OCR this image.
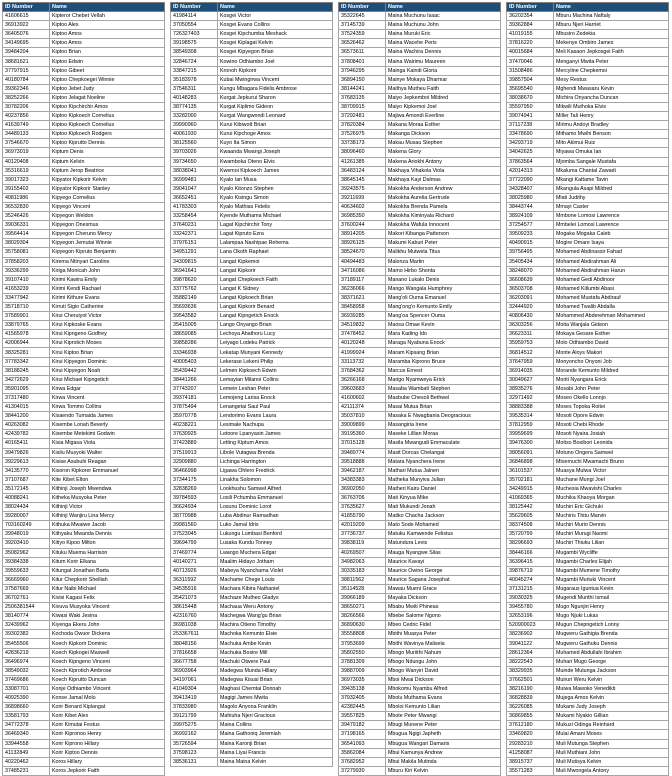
ID Number	Name
41606615	Kipteror Chebet Vellah
36913922	Kiptoo Alex
36405076	Kiptoo Amos
34149695	Kiptoo Amos
39484204	Kiptoo Brian
38681621	Kiptoo Edwin
37797915	Kiptoo Gibeet
40180784	Kiptoo Chepkoegei Winnie
39362346	Kiptoo Jebet Judy
38252266	Kiptoo Jelagat Noeline
30782206	Kiptoo Kipchirchir Amos
40237856	Kiptoo Kipkoech Cornelius
41639749	Kiptoo Kipkoech Cornelius
34489133	Kiptoo Kipkoech Rodgers
37546670	Kiptoo Kiprutto Dennis
36973019	Kiptum Denis
40120408	Kiptum Kelvin
35316619	Kiptum Jerop Beatrice
39017323	Kipyator Kipkorir Kelvin
39155402	Kipyator Kipkorir Stanley
40811986	Kipyego Cornelius
36532830	Kipyego Vincent
35246426	Kipyegon Weldon
39036331	Kipyegon Onesmus
39564414	Kipyegon Cheruno Mercy
38029304	Kipyegon Jemutai Winnie
35758081	Kipyegon Kipruto Benjamin
37858203	Kirema Ntinyari Caroline
39336299	Kiriga Monicah John
39107410	Kirimi Kawira Emily
41653239	Kirimi Kendi Rachael
33477942	Kirimi Kithure Evans
35718710	Kirruti Sigio Catherine
37589901	Kirui Cheruiyot Victor
33879765	Kirui Kipkoske Evans
41565978	Kirui Kipngeno Godfrey
42006944	Kirui Kiprotich Moses
38325281	Kirui Kiptoo Brian
37783342	Kirui Kipyegon Dominic
38188245	Kirui Kipyegon Noah
34272629	Kirui Michael Kipngetich
35901095	Kirwa Edgar
37317480	Kirwa Vincent
41304015	Kirwa Tommo Collins
38441200	Kisaendo Tumaida James
40263082	Kisembe Lonah Beverly
42439782	Kisembe Metekimi Godwin
40165411	Kisia Migasa Viola
39479826	Kisilu Musyoki Walter
39229613	Kisise Asubuhi Reagan
34135770	Kisoron Kipkorer Emmanuel
37107687	Kite Kibet Elton
35172145	Kithinji Joseph Mwendwa
40088241	Kitheka Musyoka Peter
38024434	Kithinji Victor
39280007	Kithinji Wanjiru Lina Mercy
703160249	Kithuka Mwaiwe Jacob
39948019	Kithyaku Mwanda Dennis
39203410	Kitiyo Kipoo Milton
35082962	Kituku Muema Harrison
39384338	Kitum Korir Elkana
39559633	Kitungat Jonathan Barta
36669960	Kitur Chepkorir Shelliah
37587669	Kitur Naibi Michael
36702761	Kivisi Kagasi Felix
2506381544	Kivuva Musyoka Vincent
38140774	Kiwasi Waki Jesina
32439962	Kiyenga Ekeru John
39302382	Kochoda Owuor Dickens
35455506	Koech Kipkorir Dominic
42836219	Koech Kipkogei Maxwell
36496974	Koech Kipngeno Vincent
38549032	Koech Kiprotich Ambrose
37469686	Koech Kiprutto Duncan
33087701	Konje Odhiambo Vincent
40925390	Konse Jamal Molu
36898660	Korir Benard Kiplangat
33581793	Korir Kibet Alex
34772378	Korir Kimutai Festus
36469340	Korir Kipronoo Henry
33944558	Korir Kiprono Hillary
41132849	Korir Kiptoo Dennis
40220462	Koros Hillary
37485231	Koros Jepkorir Faith
ID Number	Name
41984114	Kosgei Victor
37050554	Kosgei Evans Collins
726327403	Kosgei Kipchumba Meshack
39198575	Kosgei Kiplagat Kelvin
38549308	Kosgei Kipyegon Brian
32846724	Kowino Odhiambo Joel
33847215	Kronoh Kipkorir
35183978	Kubai Mwingirwa Vincent
37546311	Kungu Mbagara Fidelis Ambrose
40148283	Kurgat Jepkurui Sharon
38774135	Kurgat Kiplimo Gideon
33282000	Kurgat Wangwondi Leonard
39990960	Kurui Kibiwott Brian
40061930	Kurui Kipchoge Amos
38125560	Kuyo Ita Simon
39703026	Kwaanda Mwangi Joseph
39734650	Kwamboka Oteno Elvis
38038041	Kwemoi Kipkoech James
36999481	Kyalo Ian Musa
39041047	Kyalo Kitonzo Stephen
36652451	Kyalo Kisingu Simon
41783303	Kyalo Mathias Fidelis
33258454	Kyende Muthama Michael
37640231	Lagat Kipchirchir Tony
33242371	Lagat Kipruto Ezra
37976151	Lalampaa Nashipae Rehema
34951291	Lana Okoth Raphael
34309815	Langat Kipkemoi
36941641	Langat Kipkorir
39878620	Langat Chepkoech Faith
33775762	Langat K Sidney
35882149	Langat Kipkoech Brian
35693636	Langat Kipkorir Benard
39543582	Langat Kipngetich Enock
35415005	Lango Onyango Brian
38659085	Lechoya Ahathoru Lucy
39858286	Leiyago Lodeku Patrick
33346938	Lekatap Munyani Kennedy
40005403	Lekerase Lekeni Philip
35439442	Lelmen Kipkoech Edwin
38441266	Lemayian Milanoi Collins
37743207	Lemein Leshan Peter
39374181	Lemojeng Larisa Enock
37875494	Lenangetai Saul Paul
35970778	Lendorimo Evans Laura
40238221	Lesimale Nachupa
37630925	Letoore Lpanyasin James
37423889	Letting Kiptum Amos
37519913	Libole Vutagwa Brenda
32909880	Lichinga Harrington
36466998	Ligawa Ohlero Fredrick
37344175	Linakha Solomon
32838269	Lookhushu Samwel Alfred
39784593	Losili Pchumba Emmanuel
36624934	Losunu Dominic Lorot
38770988	Luba Abdinur Ramadhan
39981560	Luko Jamal Idris
37523045	Lukungu Lumbasi Benford
39694799	Lusaka Kundu Tonney
37469774	Lwango Muchera Edgar
40140271	Maalim Hidayo Jotham
40713926	Mabeya Nyanchama Violet
36311592	Machame Chege Louis
34535916	Machara Kibira Nathaniel
35421073	Machaze Mutheo Gladys
38615448	Machaua Weru Antony
42316760	Machegwa Wang'gu Brian
36981038	Machira Otieno Timothy
253367611	Machoka Kemunto Elsie
38048156	Machuka Ambe Kevin
37816658	Machuka Bosire Mill
36677758	Machuki Otwere Paul
36903964	Madegwa Munda Hillary
34197061	Madegwa Kisusi Brian
41049304	Maghasi Chemtai Donnah
39413419	Magigi James Mwita
37833980	Magolo Anyona Franklin
39121799	Mahiuha Njeri Gracious
39975275	Maina Collins
36992162	Maina Gathoniq Jeremiah
35726594	Maina Karonji Brian
37598123	Maina Liyai Francis
38536131	Maina Maina Kelvin
ID Number	Name
35322645	Maina Muchunu Isaac
37145739	Maina Muchunu John
37524359	Maina Muruki Eric
36526462	Maina Wacehe Peris
36573611	Maina Wachira Dennis
37808401	Maina Wairimu Maureen
37946295	Mainga Kaindi Gloria
36894150	Mainye Mokaya Dharmar
38144241	Maithya Mutheu Faith
37683135	Maiyo Jepkemboi Mildred
38709915	Maiyo Kipkemoi Joel
37292481	Majiwa Amondi Everline
37820384	Makana Moraa Esther
37526975	Makanga Dickson
33738173	Makau Musau Stephen
38096460	Makena Glory
41261385	Makena Ariokhi Antony
36483124	Makhaya Vihakola Viola
38645145	Makhaya Kayi Dalmas
39243575	Makokha Anderson Andrew
39211699	Makokha Aurelia Gertrude
40634602	Makokha Brenda Pamela
36985350	Makokha Kiminyala Richard
37600244	Makokha Wafula Innocent
38914205	Makori Kibanga Patterson
38926125	Makumi Kaburi Peter
38524670	Malikhu Mutwela Titus
40494483	Malonza Martin
34716086	Mamo Hirbo Shonta
37189117	Manano Lukalo Denis
36236066	Mango Wangala Humphrey
38371621	Mang'oli Ouma Emanuel
38458958	Mang'ong'o Kemunto Emily
36939285	Mang'oa Spencer Ouma
34519832	Maosa Omae Kevin
37478452	Mara Kading Ido
40120248	Maraga Nyabuna Enock
41999924	Maram Kipsang Brian
33113732	Maramba Kiprono Bruce
37684362	Marcus Ernest
36266168	Marigo Nyamweya Erick
39603683	Masaba Wambati Stephen
41600602	Masbube Chesoli Bethwel
42111374	Masai Mutua Brian
35037810	Masaka E Nwagbania Deogracious
39009899	Masangiria Irene
39195360	Maseke Lillian Moraa
37015128	Masila Mwangudi Emmaculate
39489774	Masit Dorcas Chelangat
39518888	Matara Nyanchera Irene
39462187	Mathari Mutua Jalnen
34383383	Matheka Munyiva Julian
36902050	Matheri Kairu Daniel
36763706	Mati Kinyua Mike
37635627	Mati Mukundi Jonah
41855790	Matiko Chacha Jackson
42019209	Mato Sode Mohamed
37736737	Matuku Kamwende Felistus
39838119	Matundura Levis
40269507	Mauga Nyangwe Silas
34982063	Maurice Kavayi
30335183	Maurice Owino George
38811562	Maurice Sagana Josephat
35114528	Mawau Mueni Grace
39966189	Mayaka Dickson
38650271	Mbabu Mwiti Phineas
38266566	Mbebe Salome Ngono
36890630	Mbeo Cedric Fidel
35558808	Mbithi Muasya Peter
37953699	Mbithi Wavinya Malisela
35802550	Mbogo Muriithi Nahum
37881309	Mbogo Ndungu John
39887009	Mbogo Wanyiri David
36973035	Mboi Mwai Dickson
39435138	Mbokomu Nyambu Alfred
37932405	Mbolu Muthama Evans
42382445	Mboloi Kemunto Lilian
39557825	Mbote Peter Mwangi
39479182	Mbugi Munene Peter
37198165	Mbugua Ngigi Japheth
36541093	Mbugua Wangari Damaris
35862084	Mbui Kamunya Andrew
37682952	Mbui Makila Mutinda
37279930	Mburu Kiri Kelvin
ID Number	Name
36202354	Mburu Machina Naftaly
39362884	Mburu Njeri Harriet
41019155	Mbusiro Zedekia
37816220	Mekenye Ombiro James
40015684	Meli Kasaon Jepkosgei Faith
37470046	Menganyi Mwita Peter
31508486	Mercyline Chepkemoi
39857504	Mesy Restus
35695540	Mghendi Mwasaru Kevin
38038670	Michira Onyancha Duncan
35597950	Mikwili Muthoka Elvis
39074941	Miller Tali Henry
37117238	Mirimu Andoyi Bradley
33478690	Mithamo Mwihi Benson
34293719	Mito Akimui Ruiz
34042625	Miyawa Omuka Ian
37863564	Mjomba Sangale Mustafa
42014313	Mkaluma Chantal Zawadi
37722090	Mkangi Kattame Tavin
34328407	Mkangula Asapi Mildred
38025980	Mlati Judithy
38443744	Mmayi Caster
38924109	Mmbone Lomosi Lawrence
37254577	Mmbelei Lomosi Lawrence
39509233	Mogaka Mogaka Caleb
40490915	Mogire Omare Isaya
39756495	Mohamed Abdinassir Fahad
35405434	Mohamed Abdirahman Ali
38248070	Mohamed Abdirahman Harun
36608639	Mohamed Gedi Abdinoor
36503708	Mohamed Killumbi Abasi
36203091	Mohamed Mustafa Abdirauf
32444920	Mohamed Twalib Abdalla
40806430	Mohammed Abderehman Mohammed
36303256	Moita Wanjala Gideon
36623311	Mokaya Gesare Esther
35959753	Molo Odhiambo David
36814512	Monte Aloys Makori
37647959	Monyoncho Onyoni Job
36914035	Morande Kemunto Mildred
30049627	Moriti Nyangara Erick
38935276	Mosabi John Peter
32971492	Moseo Okello Lonnjo
38883388	Moses Topoka Roitei
39535314	Mosoti Opore Edwin
37812959	Mosoti Chebi Rhode
39959699	Mosoti Nyaira Josiah
39476300	Motiso Bosibori Leonida
38056091	Motuno Ongera Samwel
36846898	Mtsemuchi Mwamachi Bruno
36101537	Muasya Mulwa Victor
35702181	Muchane Mungi Joel
34249915	Muchesia Mwavishi Charles
41069365	Muchika Khaoya Morgan
38125442	Muchiri Eric Gichuki
35629605	Muchiris Thitu Marvin
38374508	Muchiri Murio Dennis
35720799	Muchiri Murugi Naomi
38296693	Muchiri Thiuku Lilian
38446166	Mugambi Wycliffe
36396415	Mugambi Charles Elijah
39876719	Mugambi Mumene Timothy
40045274	Mugambi Muriuki Vincent
37131215	Mugaraus Iguntua Kevin
39030325	Mugendi Murithi Ismail
39455780	Mugo Ngunjiri Henry
32653196	Mugo Njuki Lukas
520900023	Mugun Chepngetich Lonny
38236902	Mugweru Gathigia Brenda
39041122	Mugweru Gathuku Dennis
28612364	Muhamed Abdullahi Ibrahim
38222543	Muhari Mugo George
38329935	Muinde Mutunga Jackson
37662501	Muiruri Weru Kelvin
38216190	Muiwa Mawoko Venedikti
36828839	Mujega Amos Kelvin
36226085	Mukami Judy Joseph
36869855	Mukami Nyakio Gillian
37612180	Mukuzi Odinga Reinhard
33469820	Mulai Amani Moses
29283210	Muli Mutunga Stephen
41258087	Muli Muthiani John
38915737	Muli Mutisya Kelvin
35571283	Muli Mwongela Antony
